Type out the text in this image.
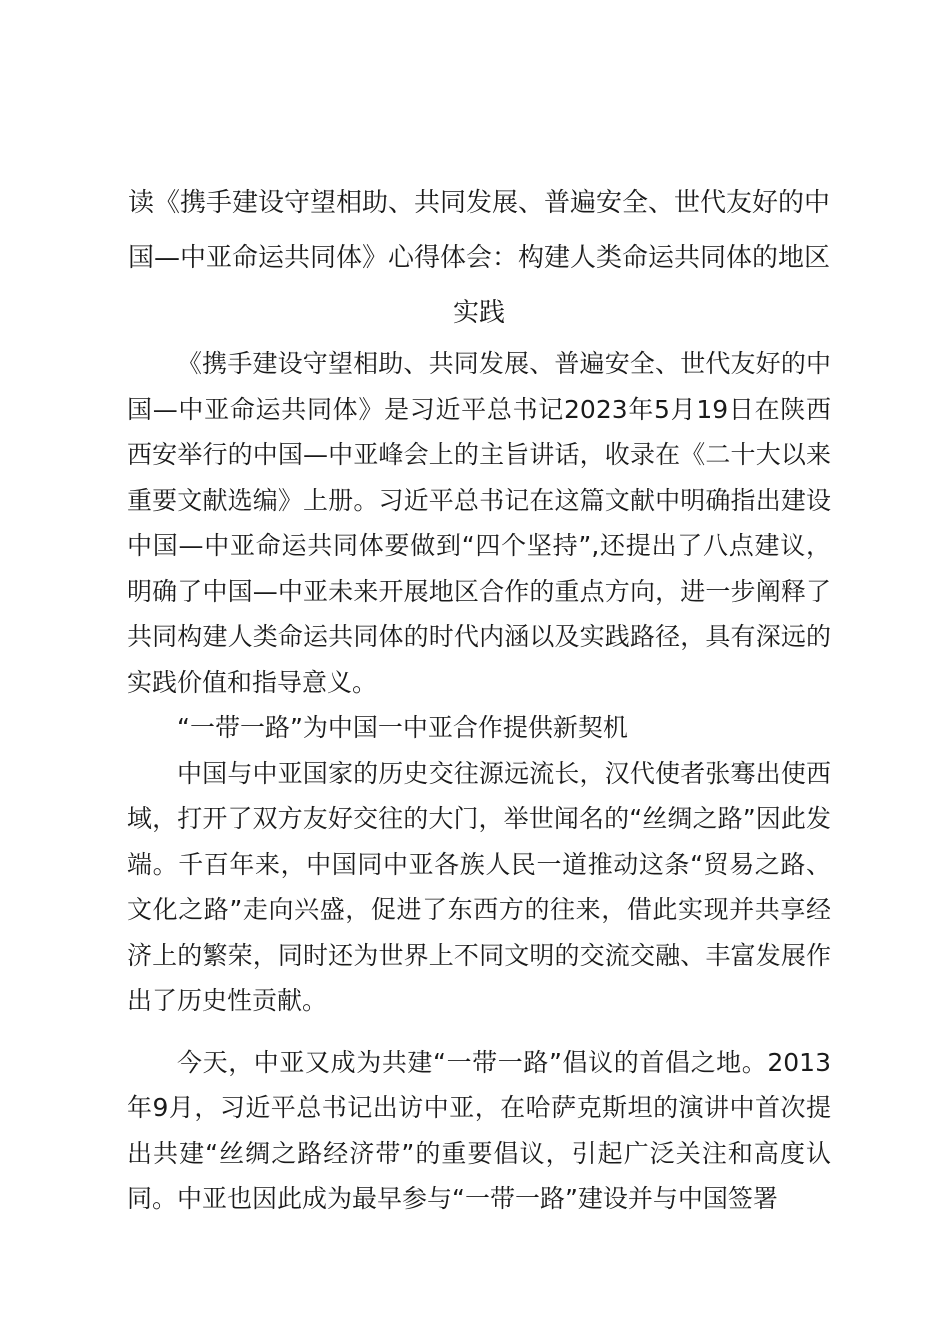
读《携手建设守望相助、共同发展、普遍安全、世代友好的中国—中亚命运共同体》心得体会：构建人类命运共同体的地区实践

《携手建设守望相助、共同发展、普遍安全、世代友好的中国—中亚命运共同体》是习近平总书记2023年5月19日在陕西西安举行的中国—中亚峰会上的主旨讲话，收录在《二十大以来重要文献选编》上册。习近平总书记在这篇文献中明确指出建设中国—中亚命运共同体要做到“四个坚持”,还提出了八点建议，明确了中国—中亚未来开展地区合作的重点方向，进一步阐释了共同构建人类命运共同体的时代内涵以及实践路径，具有深远的实践价值和指导意义。

“一带一路”为中国一中亚合作提供新契机

中国与中亚国家的历史交往源远流长，汉代使者张骞出使西域，打开了双方友好交往的大门，举世闻名的“丝绸之路”因此发端。千百年来，中国同中亚各族人民一道推动这条“贸易之路、文化之路”走向兴盛，促进了东西方的往来，借此实现并共享经济上的繁荣，同时还为世界上不同文明的交流交融、丰富发展作出了历史性贡献。

今天，中亚又成为共建“一带一路”倡议的首倡之地。2013年9月，习近平总书记出访中亚，在哈萨克斯坦的演讲中首次提出共建“丝绸之路经济带”的重要倡议，引起广泛关注和高度认同。中亚也因此成为最早参与“一带一路”建设并与中国签署
